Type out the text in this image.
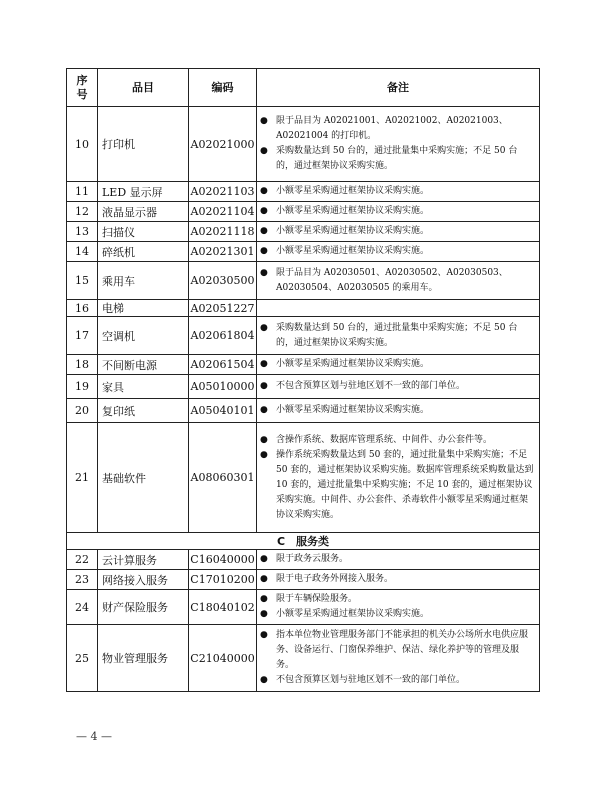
序
号	品目	编码	备注
10	打印机	A02021000	● 限于品目为 A02021001、A02021002、A02021003、A02021004 的打印机。
● 采购数量达到 50 台的，通过批量集中采购实施；不足 50 台的，通过框架协议采购实施。

11	LED 显示屏	A02021103	● 小额零星采购通过框架协议采购实施。

12	液晶显示器	A02021104	● 小额零星采购通过框架协议采购实施。

13	扫描仪	A02021118	● 小额零星采购通过框架协议采购实施。

14	碎纸机	A02021301	● 小额零星采购通过框架协议采购实施。

15	乘用车	A02030500	● 限于品目为 A02030501、A02030502、A02030503、A02030504、A02030505 的乘用车。

16	电梯	A02051227	
17	空调机	A02061804	● 采购数量达到 50 台的，通过批量集中采购实施；不足 50 台的，通过框架协议采购实施。

18	不间断电源	A02061504	● 小额零星采购通过框架协议采购实施。

19	家具	A05010000	● 不包含预算区划与驻地区划不一致的部门单位。

20	复印纸	A05040101	● 小额零星采购通过框架协议采购实施。

21	基础软件	A08060301	● 含操作系统、数据库管理系统、中间件、办公套件等。
● 操作系统采购数量达到 50 套的，通过批量集中采购实施；不足 50 套的，通过框架协议采购实施。数据库管理系统采购数量达到 10 套的，通过批量集中采购实施；不足 10 套的，通过框架协议采购实施。中间件、办公套件、杀毒软件小额零星采购通过框架协议采购实施。

C　服务类			
22	云计算服务	C16040000	● 限于政务云服务。

23	网络接入服务	C17010200	● 限于电子政务外网接入服务。

24	财产保险服务	C18040102	● 限于车辆保险服务。
● 小额零星采购通过框架协议采购实施。

25	物业管理服务	C21040000	● 指本单位物业管理服务部门不能承担的机关办公场所水电供应服务、设备运行、门窗保养维护、保洁、绿化养护等的管理及服务。
● 不包含预算区划与驻地区划不一致的部门单位。
— 4 —
